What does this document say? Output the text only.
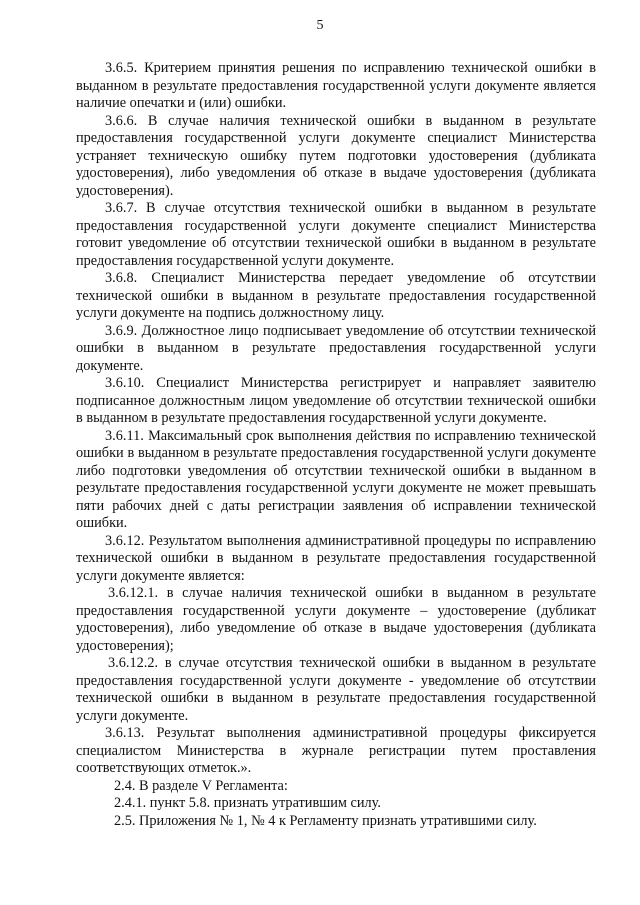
5

3.6.5. Критерием принятия решения по исправлению технической ошибки в выданном в результате предоставления государственной услуги документе является наличие опечатки и (или) ошибки.

3.6.6. В случае наличия технической ошибки в выданном в результате предоставления государственной услуги документе специалист Министерства устраняет техническую ошибку путем подготовки удостоверения (дубликата удостоверения), либо уведомления об отказе в выдаче удостоверения (дубликата удостоверения).

3.6.7. В случае отсутствия технической ошибки в выданном в результате предоставления государственной услуги документе специалист Министерства готовит уведомление об отсутствии технической ошибки в выданном в результате предоставления государственной услуги документе.

3.6.8. Специалист Министерства передает уведомление об отсутствии технической ошибки в выданном в результате предоставления государственной услуги документе на подпись должностному лицу.

3.6.9. Должностное лицо подписывает уведомление об отсутствии технической ошибки в выданном в результате предоставления государственной услуги документе.

3.6.10. Специалист Министерства регистрирует и направляет заявителю подписанное должностным лицом уведомление об отсутствии технической ошибки в выданном в результате предоставления государственной услуги документе.

3.6.11. Максимальный срок выполнения действия по исправлению технической ошибки в выданном в результате предоставления государственной услуги документе либо подготовки уведомления об отсутствии технической ошибки в выданном в результате предоставления государственной услуги документе не может превышать пяти рабочих дней с даты регистрации заявления об исправлении технической ошибки.

3.6.12. Результатом выполнения административной процедуры по исправлению технической ошибки в выданном в результате предоставления государственной услуги документе является:

3.6.12.1. в случае наличия технической ошибки в выданном в результате предоставления государственной услуги документе – удостоверение (дубликат удостоверения), либо уведомление об отказе в выдаче удостоверения (дубликата удостоверения);

3.6.12.2. в случае отсутствия технической ошибки в выданном в результате предоставления государственной услуги документе - уведомление об отсутствии технической ошибки в выданном в результате предоставления государственной услуги документе.

3.6.13. Результат выполнения административной процедуры фиксируется специалистом Министерства в журнале регистрации путем проставления соответствующих отметок.».

2.4. В разделе V Регламента:

2.4.1. пункт 5.8. признать утратившим силу.

2.5. Приложения № 1, № 4 к Регламенту признать утратившими силу.
